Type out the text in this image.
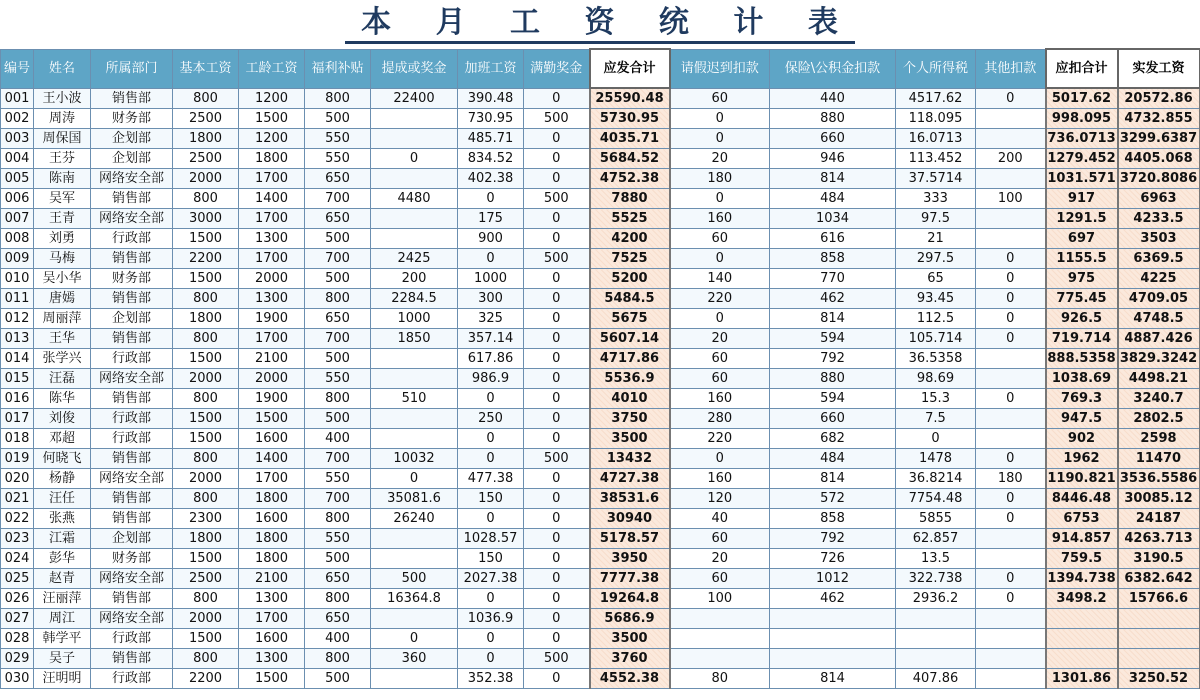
本 月 工 资 统 计 表
编号	姓名	所属部门	基本工资	工龄工资	福利补贴	提成或奖金	加班工资	满勤奖金	应发合计	请假迟到扣款	保险\公积金扣款	个人所得税	其他扣款	应扣合计	实发工资
001	王小波	销售部	800	1200	800	22400	390.48	0	25590.48	60	440	4517.62	0	5017.62	20572.86
002	周涛	财务部	2500	1500	500		730.95	500	5730.95	0	880	118.095		998.095	4732.855
003	周保国	企划部	1800	1200	550		485.71	0	4035.71	0	660	16.0713		736.0713	3299.6387
004	王芬	企划部	2500	1800	550	0	834.52	0	5684.52	20	946	113.452	200	1279.452	4405.068
005	陈南	网络安全部	2000	1700	650		402.38	0	4752.38	180	814	37.5714		1031.571	3720.8086
006	吴军	销售部	800	1400	700	4480	0	500	7880	0	484	333	100	917	6963
007	王青	网络安全部	3000	1700	650		175	0	5525	160	1034	97.5		1291.5	4233.5
008	刘勇	行政部	1500	1300	500		900	0	4200	60	616	21		697	3503
009	马梅	销售部	2200	1700	700	2425	0	500	7525	0	858	297.5	0	1155.5	6369.5
010	吴小华	财务部	1500	2000	500	200	1000	0	5200	140	770	65	0	975	4225
011	唐嫣	销售部	800	1300	800	2284.5	300	0	5484.5	220	462	93.45	0	775.45	4709.05
012	周丽萍	企划部	1800	1900	650	1000	325	0	5675	0	814	112.5	0	926.5	4748.5
013	王华	销售部	800	1700	700	1850	357.14	0	5607.14	20	594	105.714	0	719.714	4887.426
014	张学兴	行政部	1500	2100	500		617.86	0	4717.86	60	792	36.5358		888.5358	3829.3242
015	汪磊	网络安全部	2000	2000	550		986.9	0	5536.9	60	880	98.69		1038.69	4498.21
016	陈华	销售部	800	1900	800	510	0	0	4010	160	594	15.3	0	769.3	3240.7
017	刘俊	行政部	1500	1500	500		250	0	3750	280	660	7.5		947.5	2802.5
018	邓超	行政部	1500	1600	400		0	0	3500	220	682	0		902	2598
019	何晓飞	销售部	800	1400	700	10032	0	500	13432	0	484	1478	0	1962	11470
020	杨静	网络安全部	2000	1700	550	0	477.38	0	4727.38	160	814	36.8214	180	1190.821	3536.5586
021	汪任	销售部	800	1800	700	35081.6	150	0	38531.6	120	572	7754.48	0	8446.48	30085.12
022	张燕	销售部	2300	1600	800	26240	0	0	30940	40	858	5855	0	6753	24187
023	江霜	企划部	1800	1800	550		1028.57	0	5178.57	60	792	62.857		914.857	4263.713
024	彭华	财务部	1500	1800	500		150	0	3950	20	726	13.5		759.5	3190.5
025	赵青	网络安全部	2500	2100	650	500	2027.38	0	7777.38	60	1012	322.738	0	1394.738	6382.642
026	汪丽萍	销售部	800	1300	800	16364.8	0	0	19264.8	100	462	2936.2	0	3498.2	15766.6
027	周江	网络安全部	2000	1700	650		1036.9	0	5686.9						
028	韩学平	行政部	1500	1600	400	0	0	0	3500						
029	吴子	销售部	800	1300	800	360	0	500	3760						
030	汪明明	行政部	2200	1500	500		352.38	0	4552.38	80	814	407.86		1301.86	3250.52
